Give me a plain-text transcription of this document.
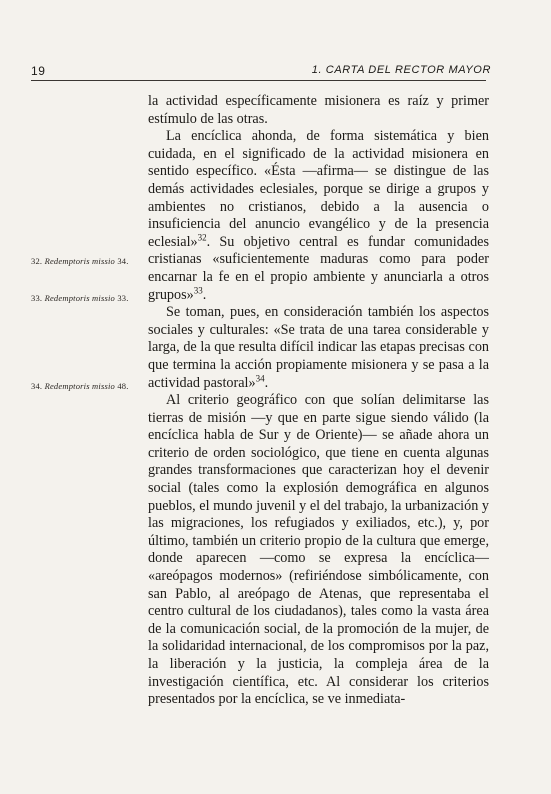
19	1. CARTA DEL RECTOR MAYOR
32. Redemptoris missio 34.
33. Redemptoris missio 33.
34. Redemptoris missio 48.

la actividad específicamente misionera es raíz y primer estímulo de las otras.

La encíclica ahonda, de forma sistemática y bien cuidada, en el significado de la actividad misionera en sentido específico. «Ésta —afirma— se distingue de las demás actividades eclesiales, porque se dirige a grupos y ambientes no cristianos, debido a la ausencia o insuficiencia del anuncio evangélico y de la presencia eclesial»$^{32}$. Su objetivo central es fundar comunidades cristianas «suficientemente maduras como para poder encarnar la fe en el propio ambiente y anunciarla a otros grupos»$^{33}$.

Se toman, pues, en consideración también los aspectos sociales y culturales: «Se trata de una tarea considerable y larga, de la que resulta difícil indicar las etapas precisas con que termina la acción propiamente misionera y se pasa a la actividad pastoral»$^{34}$.

Al criterio geográfico con que solían delimitarse las tierras de misión —y que en parte sigue siendo válido (la encíclica habla de Sur y de Oriente)— se añade ahora un criterio de orden sociológico, que tiene en cuenta algunas grandes transformaciones que caracterizan hoy el devenir social (tales como la explosión demográfica en algunos pueblos, el mundo juvenil y el del trabajo, la urbanización y las migraciones, los refugiados y exiliados, etc.), y, por último, también un criterio propio de la cultura que emerge, donde aparecen —como se expresa la encíclica— «areópagos modernos» (refiriéndose simbólicamente, con san Pablo, al areópago de Atenas, que representaba el centro cultural de los ciudadanos), tales como la vasta área de la comunicación social, de la promoción de la mujer, de la solidaridad internacional, de los compromisos por la paz, la liberación y la justicia, la compleja área de la investigación científica, etc. Al considerar los criterios presentados por la encíclica, se ve inmediata-
